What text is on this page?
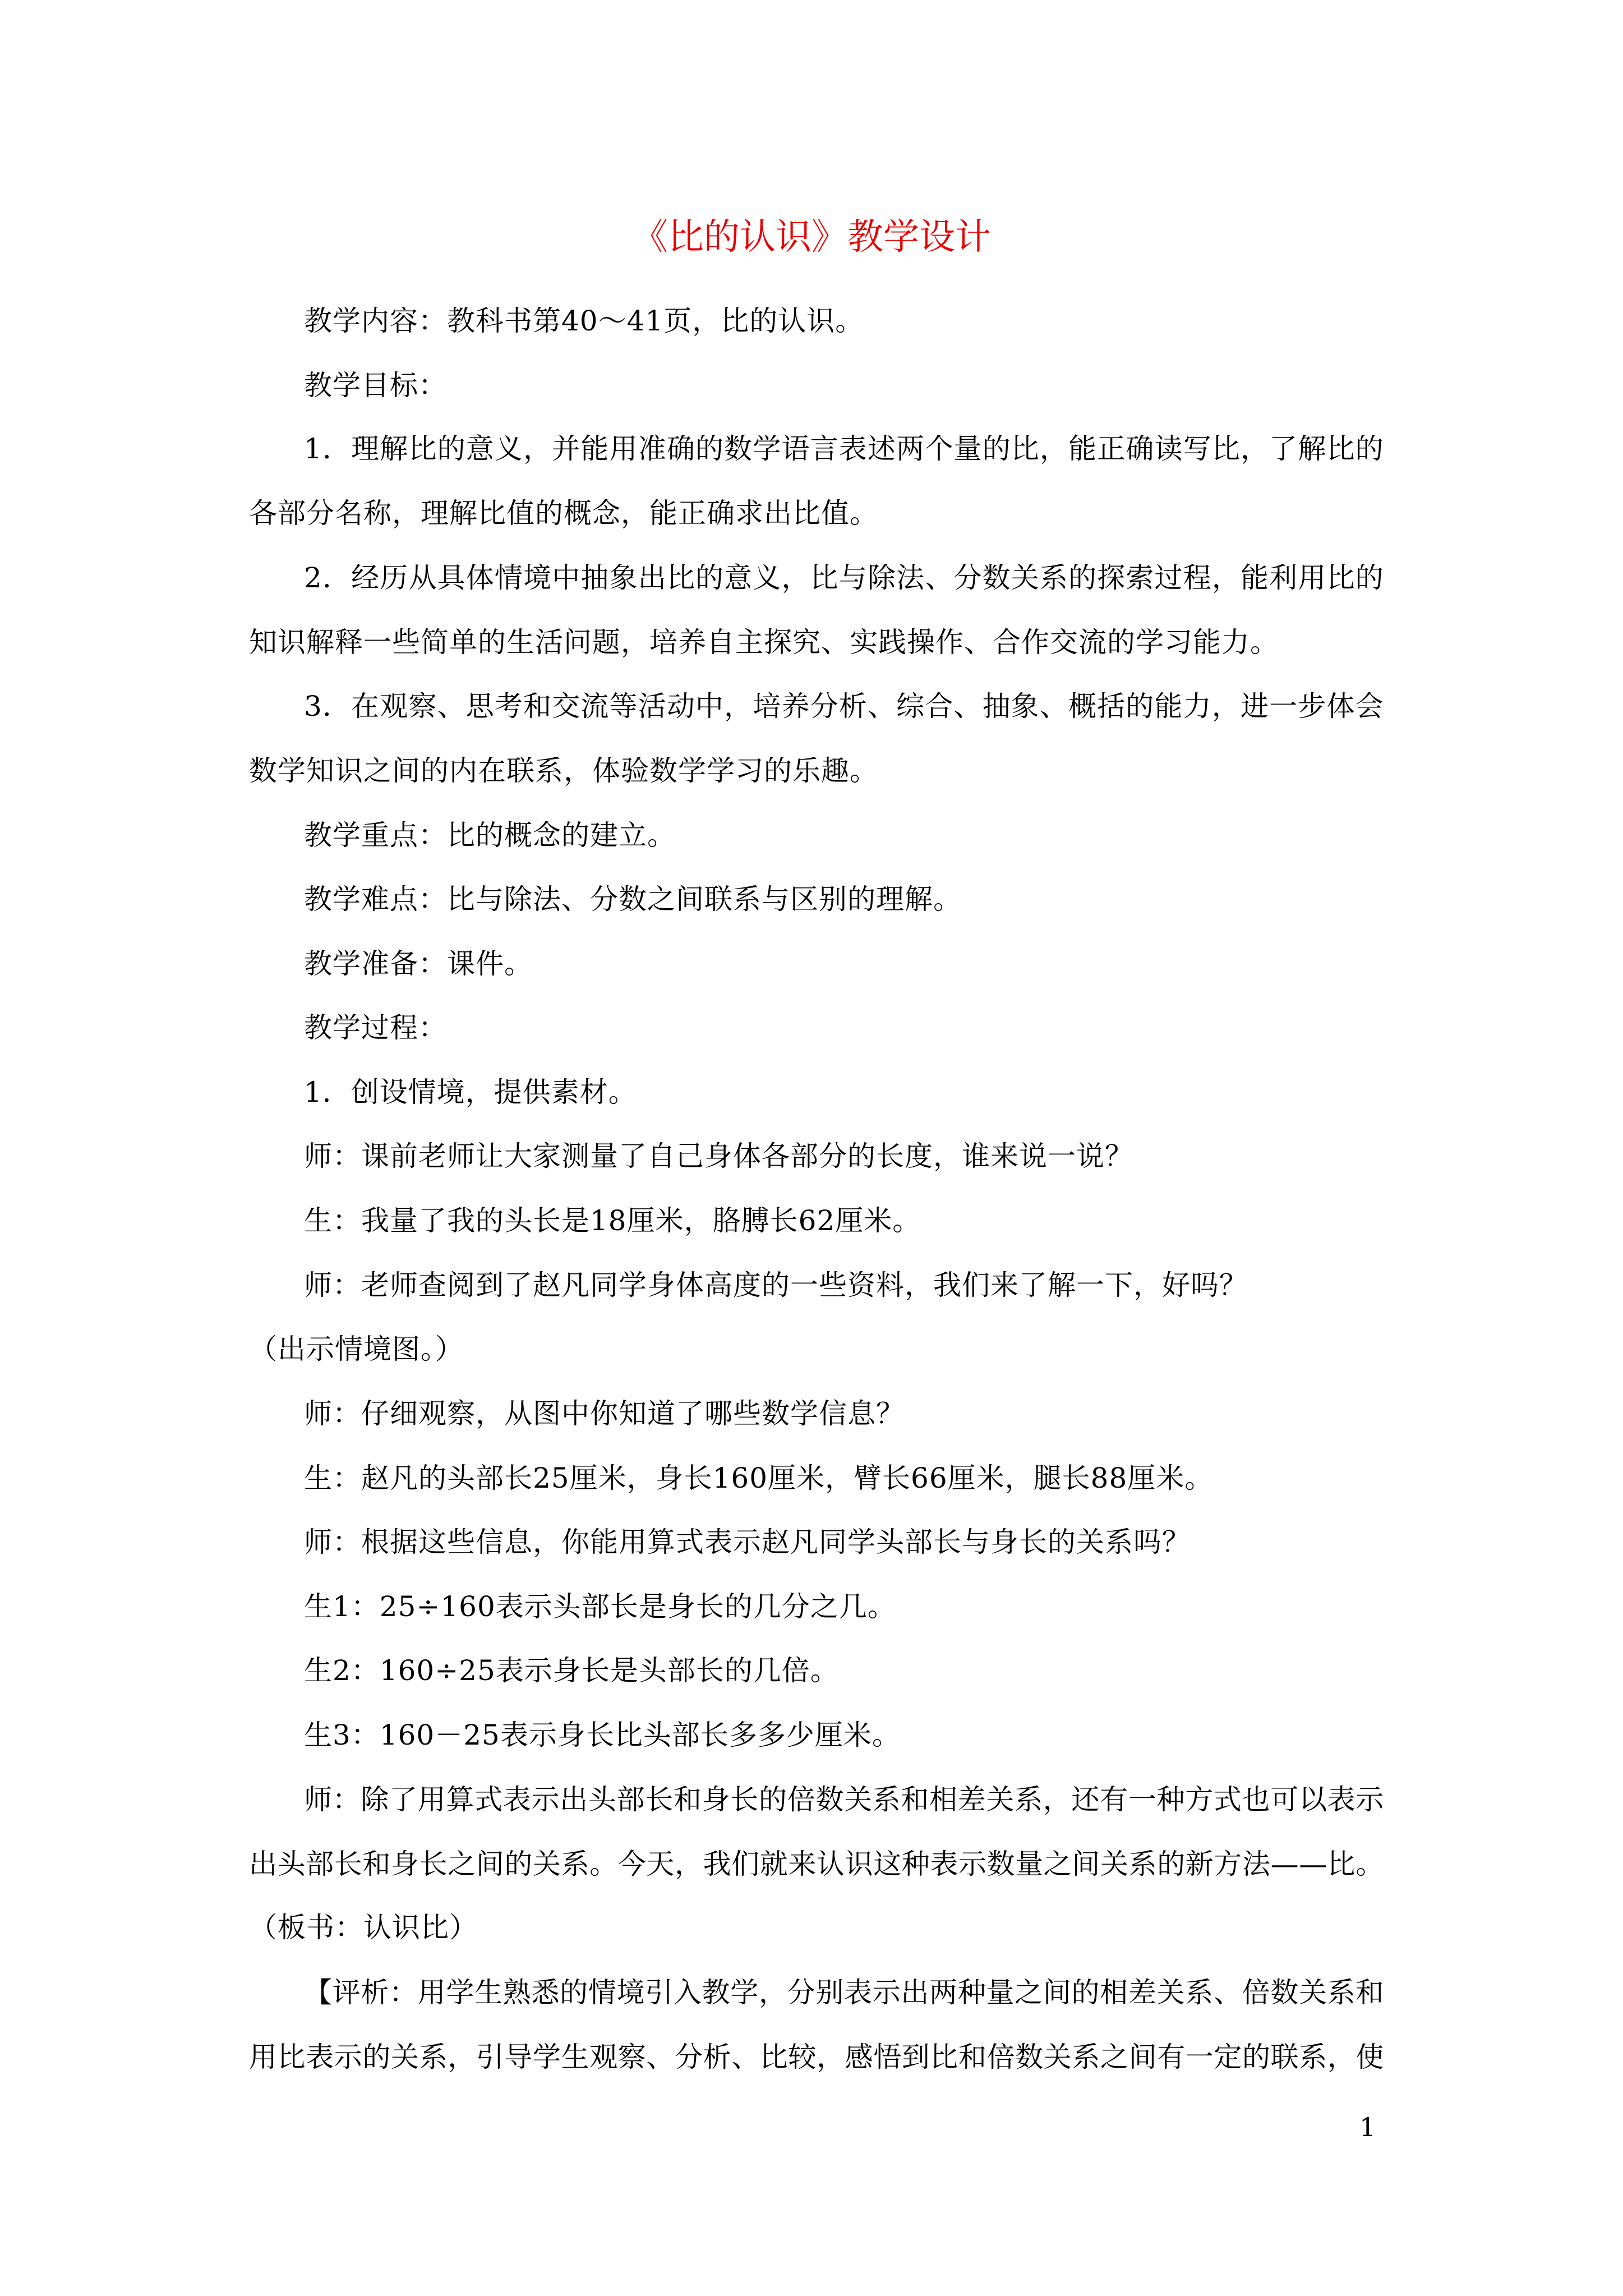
《比的认识》教学设计
教学内容：教科书第40～41页，比的认识。
教学目标：
1．理解比的意义，并能用准确的数学语言表述两个量的比，能正确读写比，了解比的
各部分名称，理解比值的概念，能正确求出比值。
2．经历从具体情境中抽象出比的意义，比与除法、分数关系的探索过程，能利用比的
知识解释一些简单的生活问题，培养自主探究、实践操作、合作交流的学习能力。
3．在观察、思考和交流等活动中，培养分析、综合、抽象、概括的能力，进一步体会
数学知识之间的内在联系，体验数学学习的乐趣。
教学重点：比的概念的建立。
教学难点：比与除法、分数之间联系与区别的理解。
教学准备：课件。
教学过程：
1．创设情境，提供素材。
师：课前老师让大家测量了自己身体各部分的长度，谁来说一说？
生：我量了我的头长是18厘米，胳膊长62厘米。
师：老师查阅到了赵凡同学身体高度的一些资料，我们来了解一下，好吗？
（出示情境图。）
师：仔细观察，从图中你知道了哪些数学信息？
生：赵凡的头部长25厘米，身长160厘米，臂长66厘米，腿长88厘米。
师：根据这些信息，你能用算式表示赵凡同学头部长与身长的关系吗？
生1：25÷160表示头部长是身长的几分之几。
生2：160÷25表示身长是头部长的几倍。
生3：160－25表示身长比头部长多多少厘米。
师：除了用算式表示出头部长和身长的倍数关系和相差关系，还有一种方式也可以表示
出头部长和身长之间的关系。今天，我们就来认识这种表示数量之间关系的新方法——比。
（板书：认识比）
【评析：用学生熟悉的情境引入教学，分别表示出两种量之间的相差关系、倍数关系和
用比表示的关系，引导学生观察、分析、比较，感悟到比和倍数关系之间有一定的联系，使
1
